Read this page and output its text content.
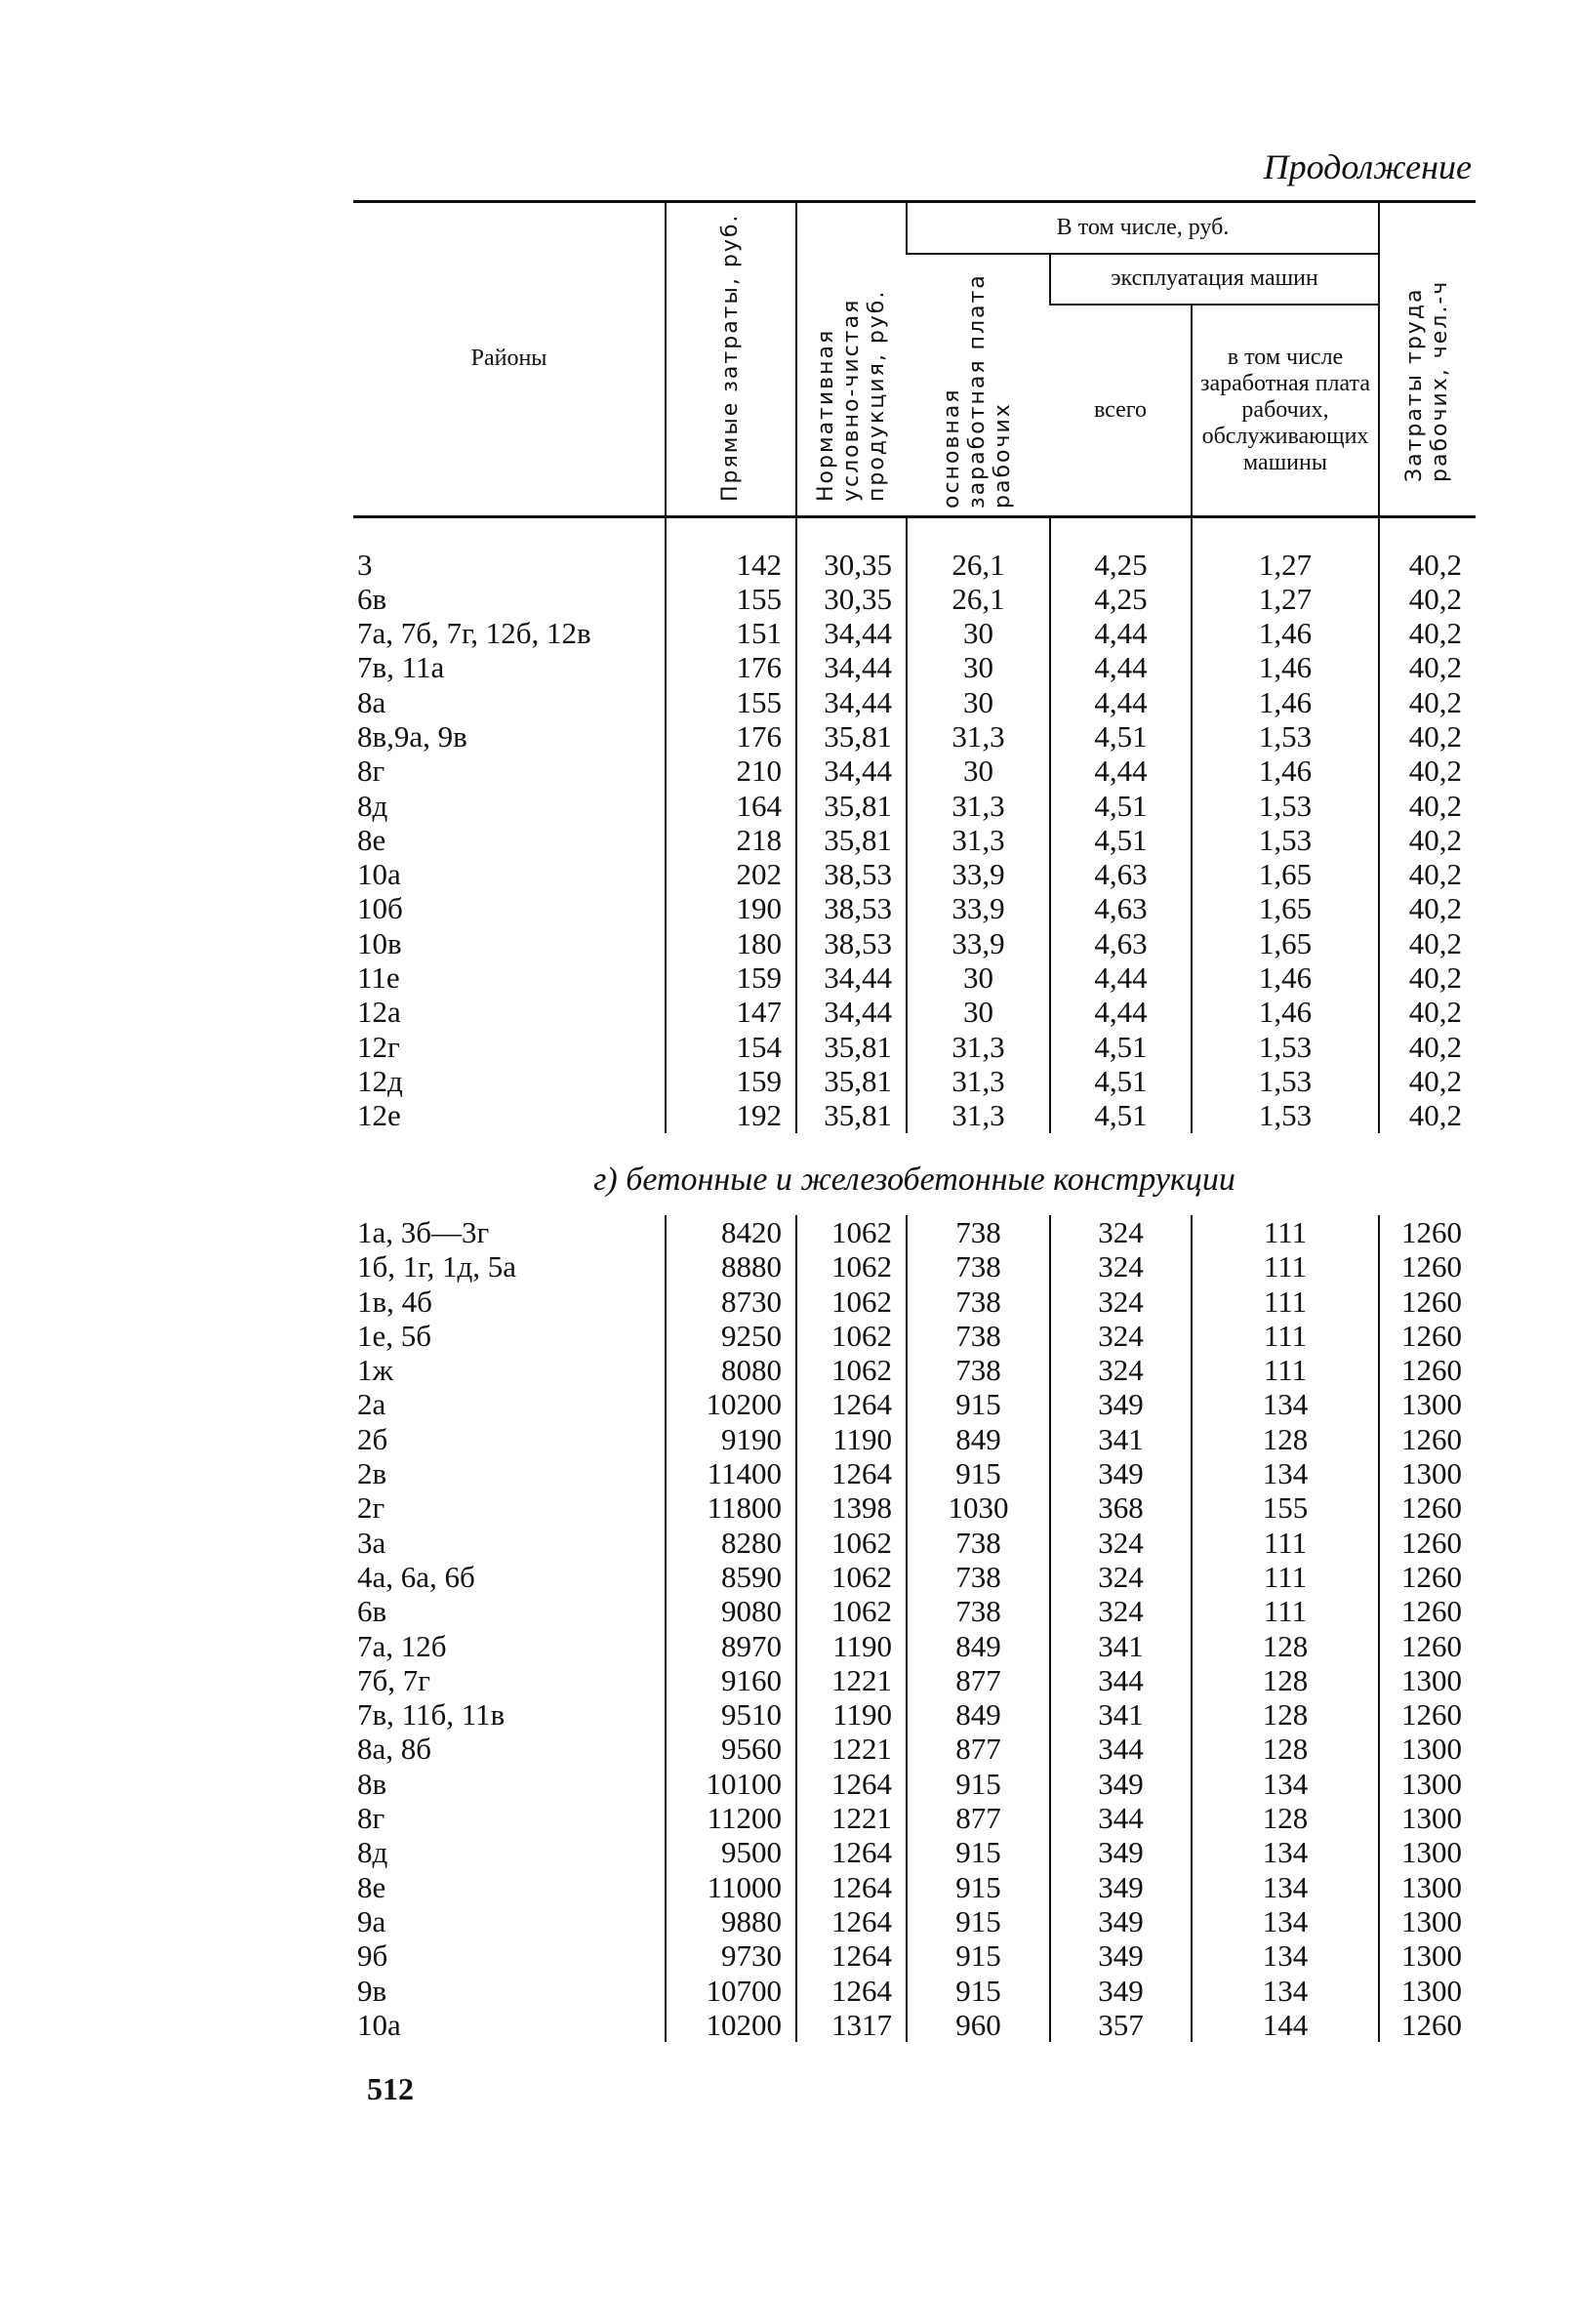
Продолжение
Районы	Прямые затраты, руб.	Нормативная условно-чистая продукция, руб.	В том числе, руб.			Затраты труда рабочих, чел.-ч
			основная заработная плата рабочих	эксплуатация машин		
				всего	в том числе заработная плата рабочих, обслуживающих машины	

3	142	30,35	26,1	4,25	1,27	40,2
6в	155	30,35	26,1	4,25	1,27	40,2
7а, 7б, 7г, 12б, 12в	151	34,44	30	4,44	1,46	40,2
7в, 11а	176	34,44	30	4,44	1,46	40,2
8а	155	34,44	30	4,44	1,46	40,2
8в,9а, 9в	176	35,81	31,3	4,51	1,53	40,2
8г	210	34,44	30	4,44	1,46	40,2
8д	164	35,81	31,3	4,51	1,53	40,2
8е	218	35,81	31,3	4,51	1,53	40,2
10а	202	38,53	33,9	4,63	1,65	40,2
10б	190	38,53	33,9	4,63	1,65	40,2
10в	180	38,53	33,9	4,63	1,65	40,2
11е	159	34,44	30	4,44	1,46	40,2
12а	147	34,44	30	4,44	1,46	40,2
12г	154	35,81	31,3	4,51	1,53	40,2
12д	159	35,81	31,3	4,51	1,53	40,2
12е	192	35,81	31,3	4,51	1,53	40,2
г) бетонные и железобетонные конструкции
1а, 3б—3г	8420	1062	738	324	111	1260
1б, 1г, 1д, 5а	8880	1062	738	324	111	1260
1в, 4б	8730	1062	738	324	111	1260
1е, 5б	9250	1062	738	324	111	1260
1ж	8080	1062	738	324	111	1260
2а	10200	1264	915	349	134	1300
2б	9190	1190	849	341	128	1260
2в	11400	1264	915	349	134	1300
2г	11800	1398	1030	368	155	1260
3а	8280	1062	738	324	111	1260
4а, 6а, 6б	8590	1062	738	324	111	1260
6в	9080	1062	738	324	111	1260
7а, 12б	8970	1190	849	341	128	1260
7б, 7г	9160	1221	877	344	128	1300
7в, 11б, 11в	9510	1190	849	341	128	1260
8а, 8б	9560	1221	877	344	128	1300
8в	10100	1264	915	349	134	1300
8г	11200	1221	877	344	128	1300
8д	9500	1264	915	349	134	1300
8е	11000	1264	915	349	134	1300
9а	9880	1264	915	349	134	1300
9б	9730	1264	915	349	134	1300
9в	10700	1264	915	349	134	1300
10а	10200	1317	960	357	144	1260
512
